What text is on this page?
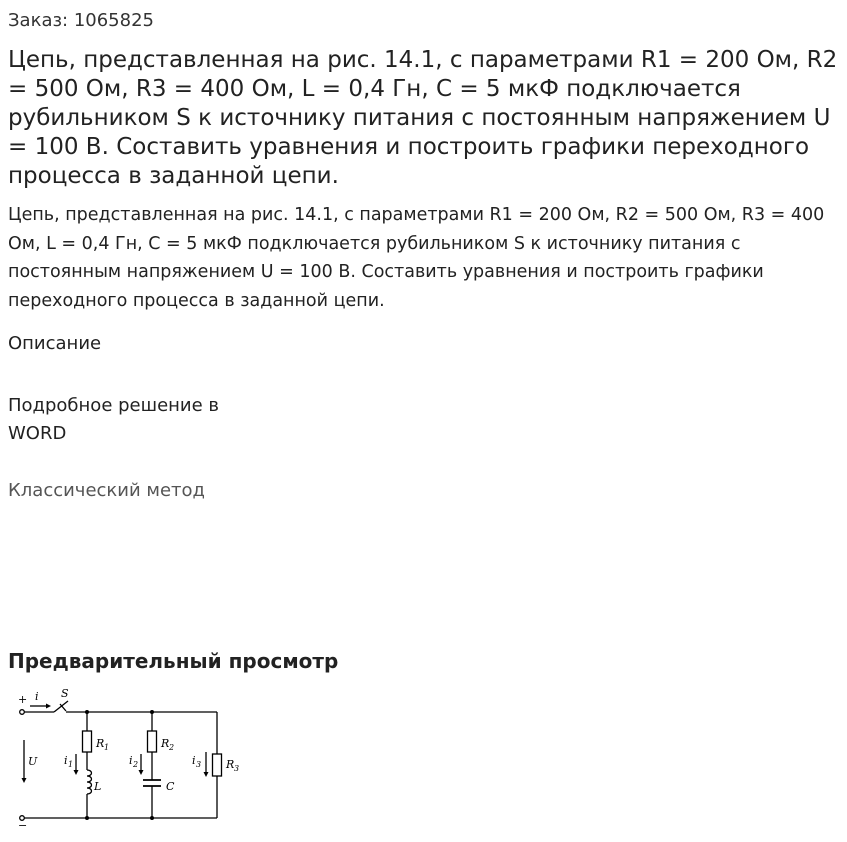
Заказ: 1065825
Цепь, представленная на рис. 14.1, с параметрами R1 = 200 Ом, R2 = 500 Ом, R3 = 400 Ом, L = 0,4 Гн, С = 5 мкФ подключается рубильником S к источнику питания с постоянным напряжением U = 100 В. Составить уравнения и построить графики переходного процесса в заданной цепи.

Цепь, представленная на рис. 14.1, с параметрами R1 = 200 Ом, R2 = 500 Ом, R3 = 400 Ом, L = 0,4 Гн, С = 5 мкФ подключается рубильником S к источнику питания с постоянным напряжением U = 100 В. Составить уравнения и построить графики переходного процесса в заданной цепи.

Описание
Подробное решение в WORD
Классический метод
Предварительный просмотр
+
−
i S
U
R 1	R 2
R 3
i 1	i 2	i 3
L	C
